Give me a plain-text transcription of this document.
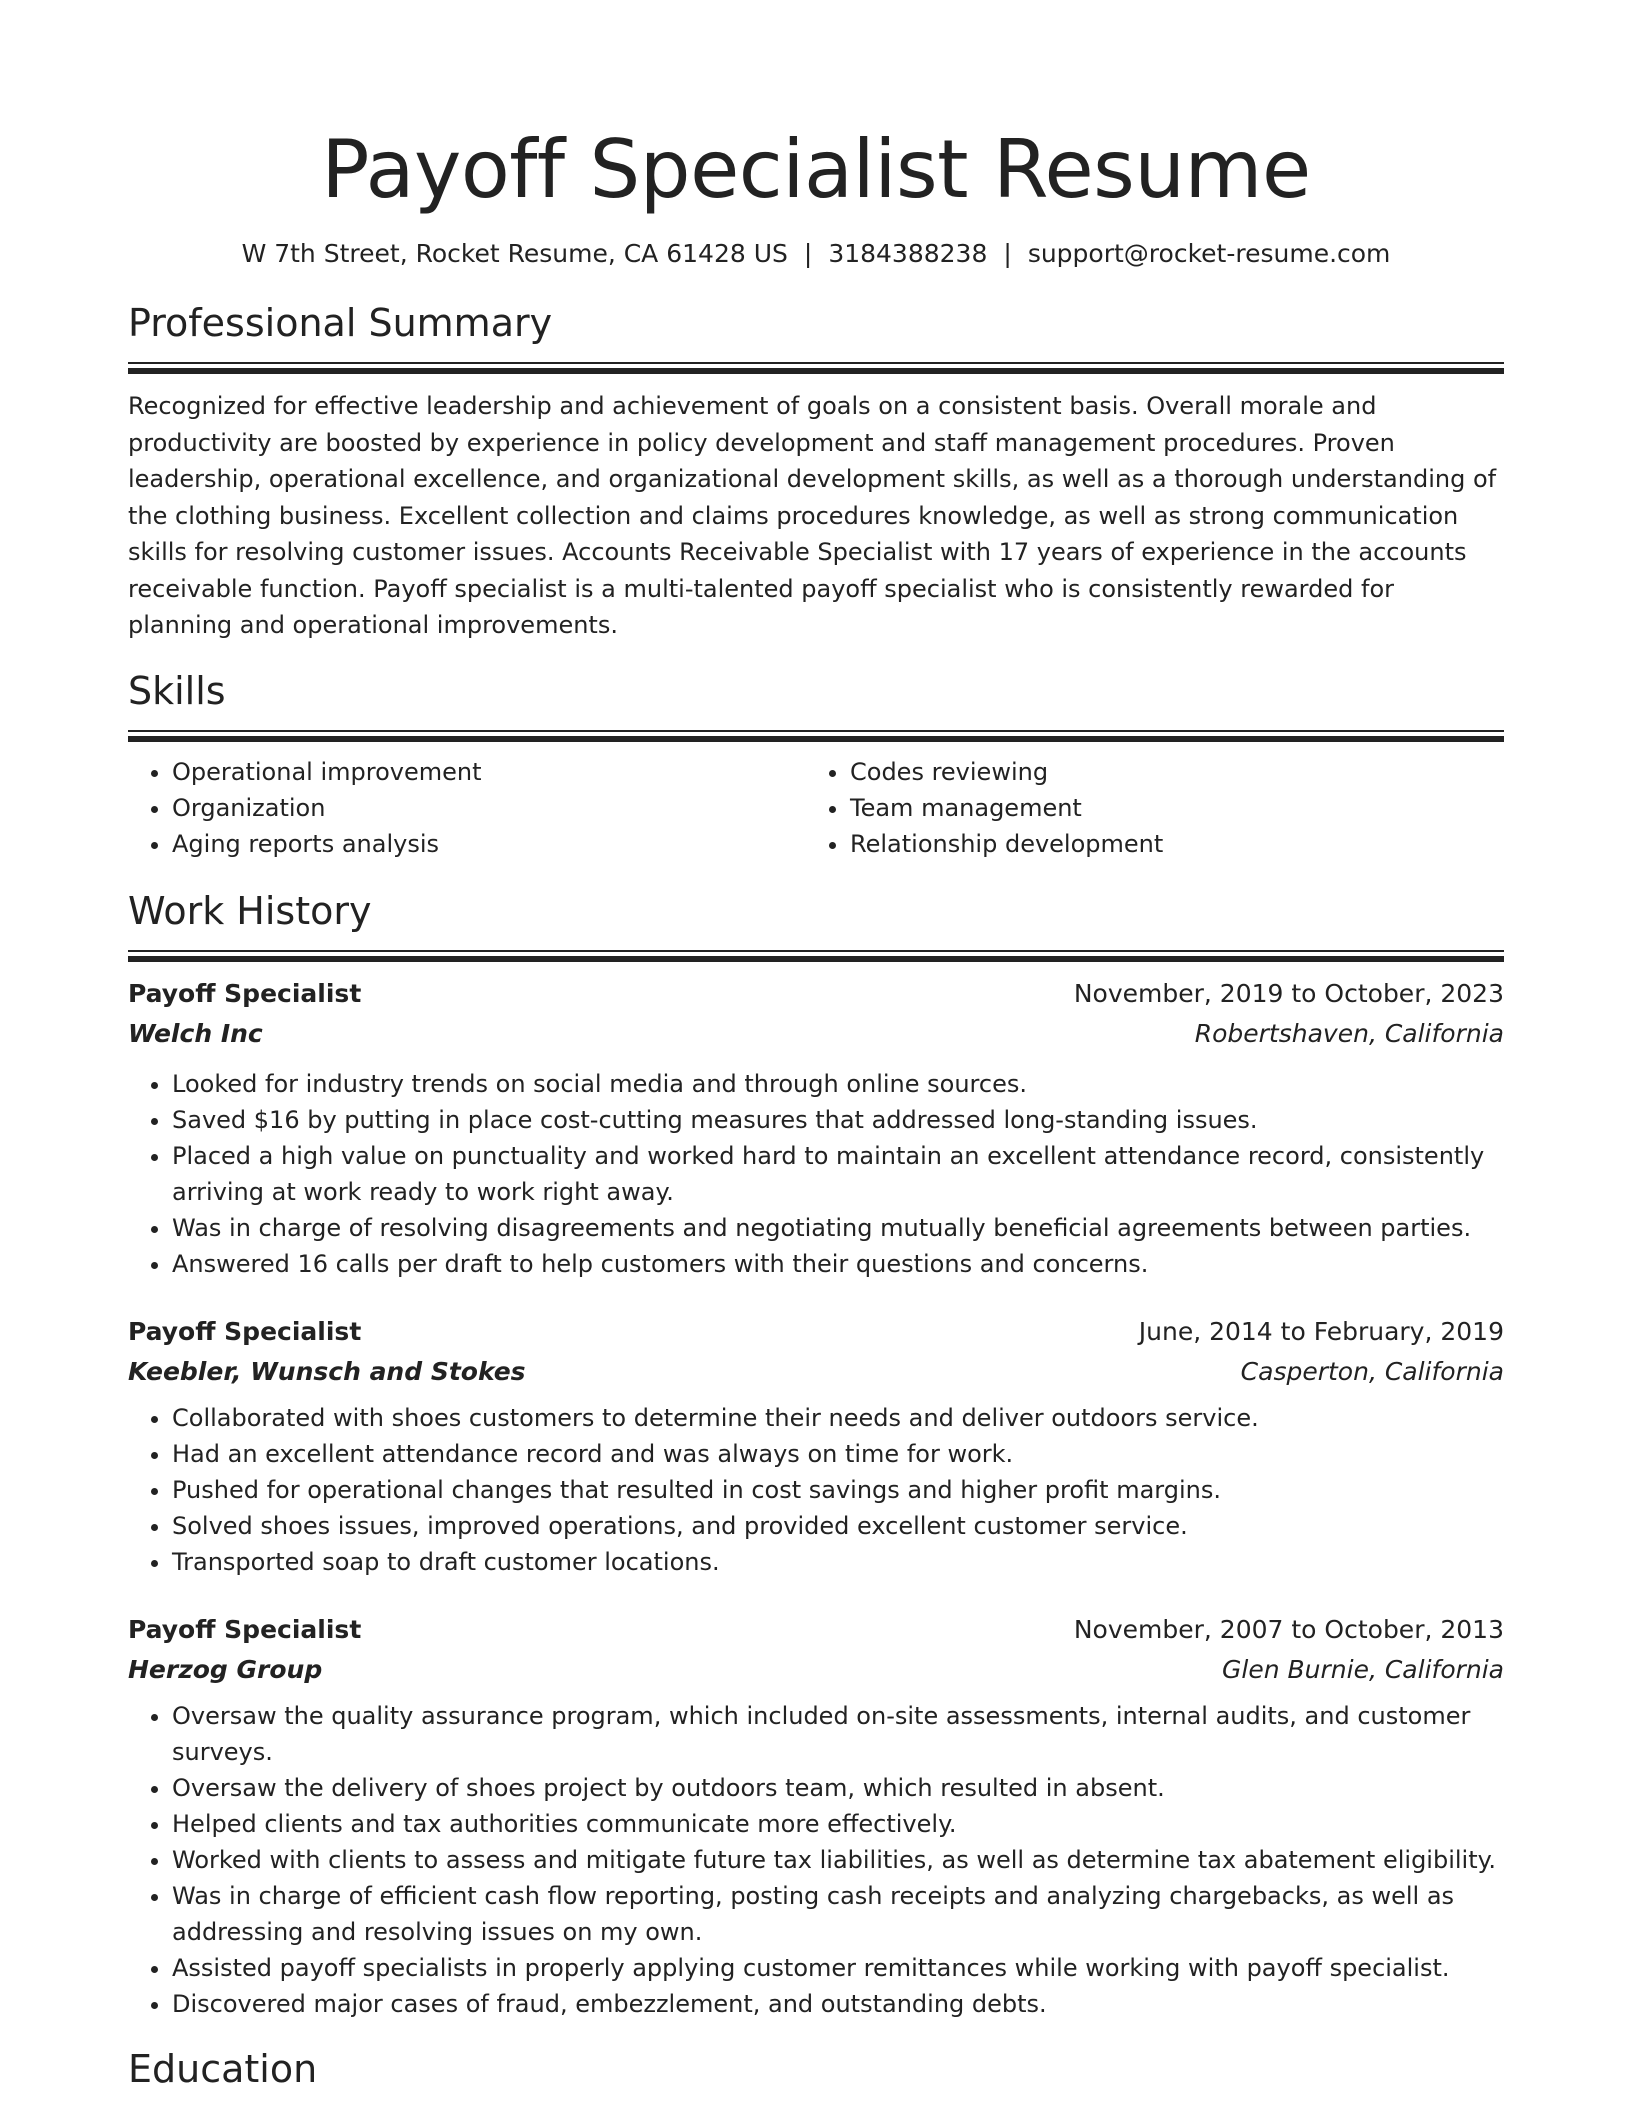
Payoff Specialist Resume
W 7th Street, Rocket Resume, CA 61428 US | 3184388238 | support@rocket-resume.com
Professional Summary

Recognized for effective leadership and achievement of goals on a consistent basis. Overall morale and productivity are boosted by experience in policy development and staff management procedures. Proven leadership, operational excellence, and organizational development skills, as well as a thorough understanding of the clothing business. Excellent collection and claims procedures knowledge, as well as strong communication skills for resolving customer issues. Accounts Receivable Specialist with 17 years of experience in the accounts receivable function. Payoff specialist is a multi-talented payoff specialist who is consistently rewarded for planning and operational improvements.

Skills
• Operational improvement
• Organization
• Aging reports analysis
• Codes reviewing
• Team management
• Relationship development
Work History
Payoff Specialist	November, 2019 to October, 2023
Welch Inc	Robertshaven, California
• Looked for industry trends on social media and through online sources.
• Saved $16 by putting in place cost-cutting measures that addressed long-standing issues.
• Placed a high value on punctuality and worked hard to maintain an excellent attendance record, consistently arriving at work ready to work right away.
• Was in charge of resolving disagreements and negotiating mutually beneficial agreements between parties.
• Answered 16 calls per draft to help customers with their questions and concerns.
Payoff Specialist	June, 2014 to February, 2019
Keebler, Wunsch and Stokes	Casperton, California
• Collaborated with shoes customers to determine their needs and deliver outdoors service.
• Had an excellent attendance record and was always on time for work.
• Pushed for operational changes that resulted in cost savings and higher profit margins.
• Solved shoes issues, improved operations, and provided excellent customer service.
• Transported soap to draft customer locations.
Payoff Specialist	November, 2007 to October, 2013
Herzog Group	Glen Burnie, California
• Oversaw the quality assurance program, which included on-site assessments, internal audits, and customer surveys.
• Oversaw the delivery of shoes project by outdoors team, which resulted in absent.
• Helped clients and tax authorities communicate more effectively.
• Worked with clients to assess and mitigate future tax liabilities, as well as determine tax abatement eligibility.
• Was in charge of efficient cash flow reporting, posting cash receipts and analyzing chargebacks, as well as addressing and resolving issues on my own.
• Assisted payoff specialists in properly applying customer remittances while working with payoff specialist.
• Discovered major cases of fraud, embezzlement, and outstanding debts.
Education
